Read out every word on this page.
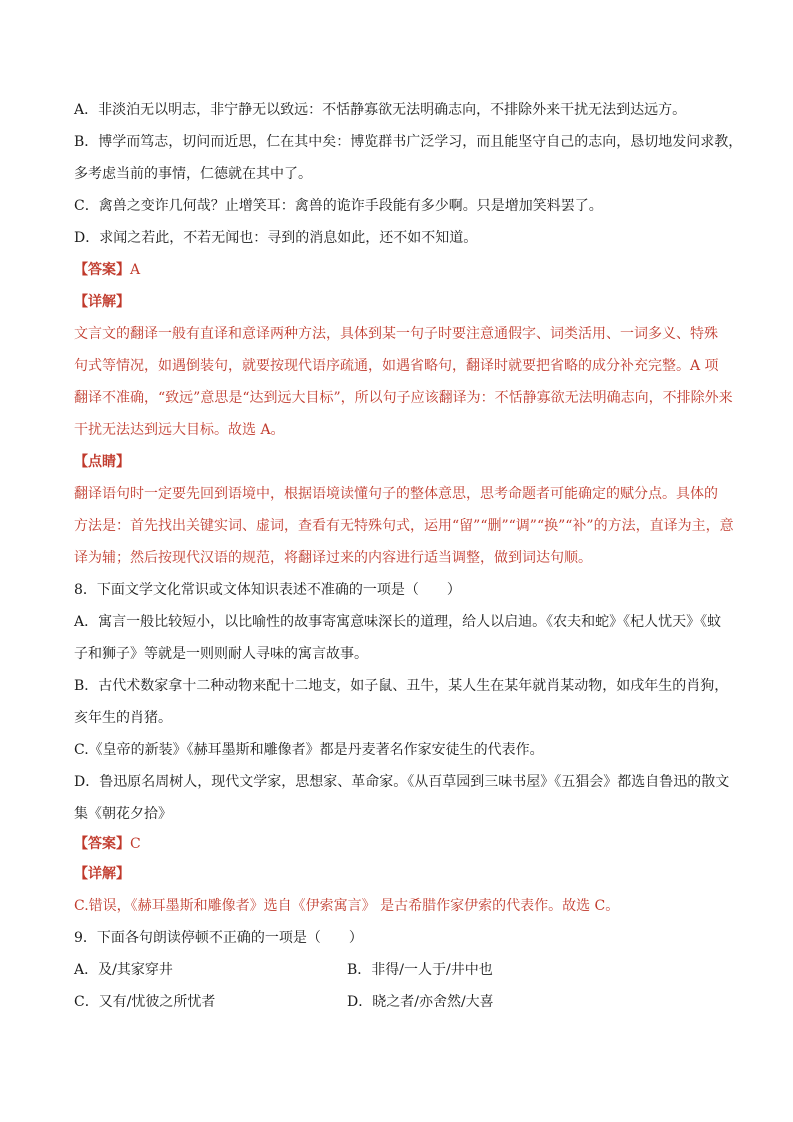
A．非淡泊无以明志，非宁静无以致远：不恬静寡欲无法明确志向，不排除外来干扰无法到达远方。
B．博学而笃志，切问而近思，仁在其中矣：博览群书广泛学习，而且能坚守自己的志向，恳切地发问求教，
多考虑当前的事情，仁德就在其中了。
C．禽兽之变诈几何哉？止增笑耳：禽兽的诡诈手段能有多少啊。只是增加笑料罢了。
D．求闻之若此，不若无闻也：寻到的消息如此，还不如不知道。
【答案】A
【详解】
文言文的翻译一般有直译和意译两种方法，具体到某一句子时要注意通假字、词类活用、一词多义、特殊
句式等情况，如遇倒装句，就要按现代语序疏通，如遇省略句，翻译时就要把省略的成分补充完整。A 项
翻译不准确，“致远”意思是“达到远大目标”，所以句子应该翻译为：不恬静寡欲无法明确志向，不排除外来
干扰无法达到远大目标。故选 A。
【点睛】
翻译语句时一定要先回到语境中，根据语境读懂句子的整体意思，思考命题者可能确定的赋分点。具体的
方法是：首先找出关键实词、虚词，查看有无特殊句式，运用“留”“删”“调”“换”“补”的方法，直译为主，意
译为辅；然后按现代汉语的规范，将翻译过来的内容进行适当调整，做到词达句顺。
8．下面文学文化常识或文体知识表述不准确的一项是（　　）
A．寓言一般比较短小，以比喻性的故事寄寓意味深长的道理，给人以启迪。《农夫和蛇》《杞人忧天》《蚊
子和狮子》等就是一则则耐人寻味的寓言故事。
B．古代术数家拿十二种动物来配十二地支，如子鼠、丑牛，某人生在某年就肖某动物，如戌年生的肖狗，
亥年生的肖猪。
C.《皇帝的新装》《赫耳墨斯和雕像者》都是丹麦著名作家安徒生的代表作。
D．鲁迅原名周树人，现代文学家，思想家、革命家。《从百草园到三味书屋》《五猖会》都选自鲁迅的散文
集《朝花夕拾》
【答案】C
【详解】
C.错误，《赫耳墨斯和雕像者》选自《伊索寓言》 是古希腊作家伊索的代表作。故选 C。
9．下面各句朗读停顿不正确的一项是（　　）
A．及/其家穿井	B．非得/一人于/井中也
C．又有/忧彼之所忧者	D．晓之者/亦舍然/大喜
